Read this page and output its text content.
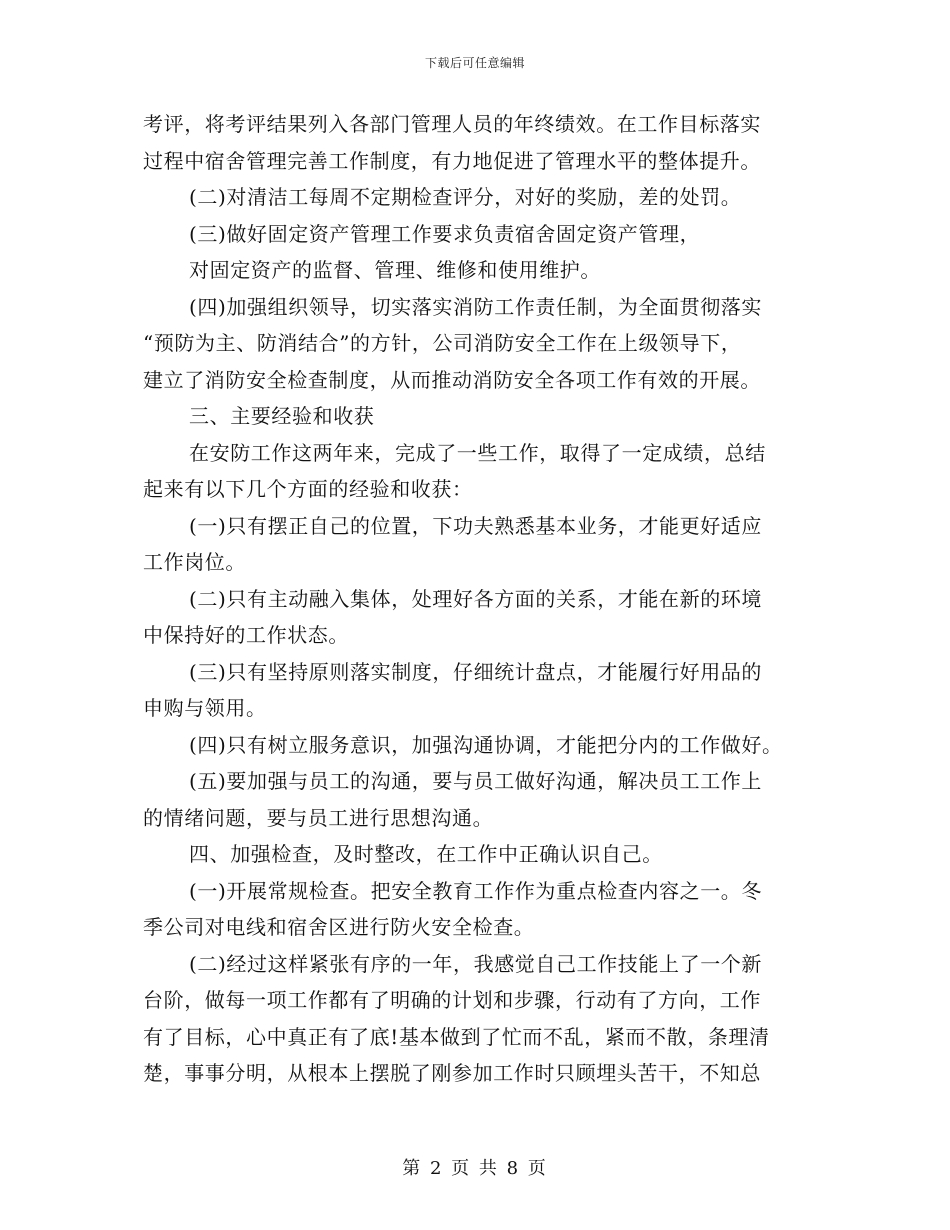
下载后可任意编辑
考评，将考评结果列入各部门管理人员的年终绩效。在工作目标落实
过程中宿舍管理完善工作制度，有力地促进了管理水平的整体提升。
(二)对清洁工每周不定期检查评分，对好的奖励，差的处罚。
(三)做好固定资产管理工作要求负责宿舍固定资产管理，
对固定资产的监督、管理、维修和使用维护。
(四)加强组织领导，切实落实消防工作责任制，为全面贯彻落实
“预防为主、防消结合”的方针，公司消防安全工作在上级领导下，
建立了消防安全检查制度，从而推动消防安全各项工作有效的开展。
三、主要经验和收获
在安防工作这两年来，完成了一些工作，取得了一定成绩，总结
起来有以下几个方面的经验和收获：
(一)只有摆正自己的位置，下功夫熟悉基本业务，才能更好适应
工作岗位。
(二)只有主动融入集体，处理好各方面的关系，才能在新的环境
中保持好的工作状态。
(三)只有坚持原则落实制度，仔细统计盘点，才能履行好用品的
申购与领用。
(四)只有树立服务意识，加强沟通协调，才能把分内的工作做好。
(五)要加强与员工的沟通，要与员工做好沟通，解决员工工作上
的情绪问题，要与员工进行思想沟通。
四、加强检查，及时整改，在工作中正确认识自己。
(一)开展常规检查。把安全教育工作作为重点检查内容之一。冬
季公司对电线和宿舍区进行防火安全检查。
(二)经过这样紧张有序的一年，我感觉自己工作技能上了一个新
台阶，做每一项工作都有了明确的计划和步骤，行动有了方向，工作
有了目标，心中真正有了底!基本做到了忙而不乱，紧而不散，条理清
楚，事事分明，从根本上摆脱了刚参加工作时只顾埋头苦干，不知总
第 2 页 共 8 页
